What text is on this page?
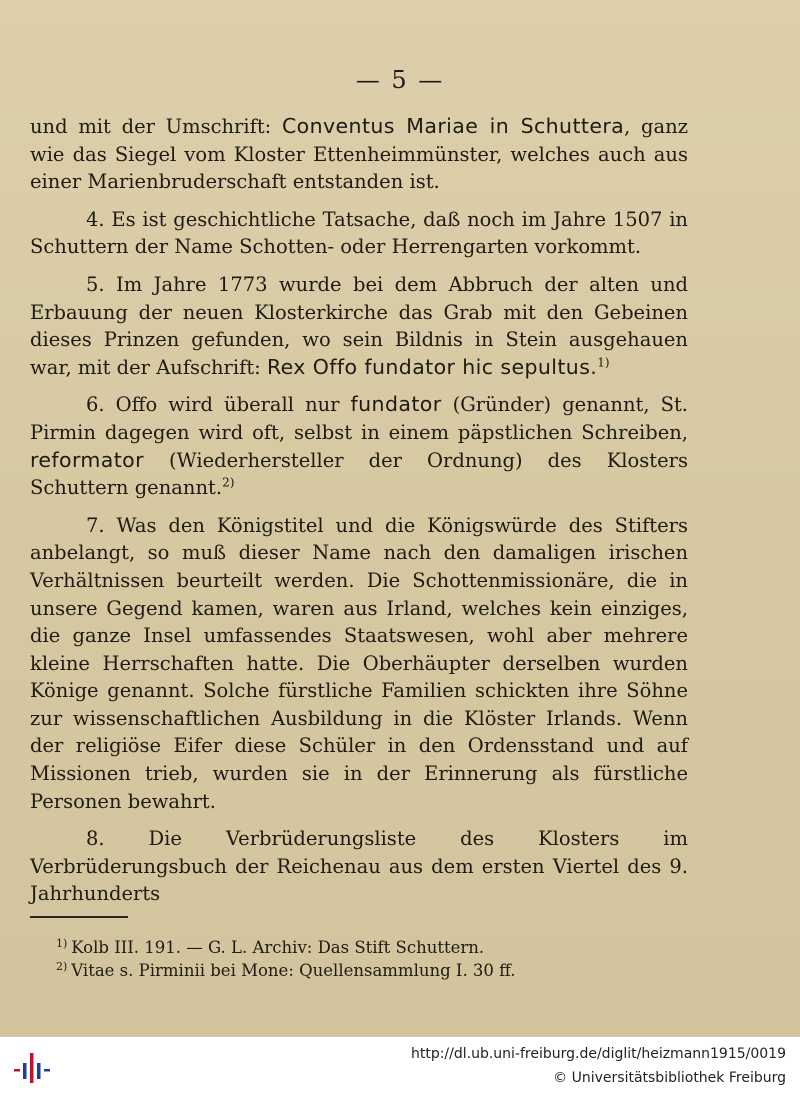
— 5 —

und mit der Umschrift: Conventus Mariae in Schuttera, ganz wie das Siegel vom Kloster Ettenheimmünster, welches auch aus einer Marienbruderschaft entstanden ist.

4. Es ist geschichtliche Tatsache, daß noch im Jahre 1507 in Schuttern der Name Schotten- oder Herrengarten vorkommt.

5. Im Jahre 1773 wurde bei dem Abbruch der alten und Erbauung der neuen Klosterkirche das Grab mit den Gebeinen dieses Prinzen gefunden, wo sein Bildnis in Stein ausgehauen war, mit der Aufschrift: Rex Offo fundator hic sepultus.$^{1)}$

6. Offo wird überall nur fundator (Gründer) genannt, St. Pirmin dagegen wird oft, selbst in einem päpstlichen Schreiben, reformator (Wiederhersteller der Ordnung) des Klosters Schuttern genannt.$^{2)}$

7. Was den Königstitel und die Königswürde des Stifters anbelangt, so muß dieser Name nach den damaligen irischen Verhältnissen beurteilt werden. Die Schottenmissionäre, die in unsere Gegend kamen, waren aus Irland, welches kein einziges, die ganze Insel umfassendes Staatswesen, wohl aber mehrere kleine Herrschaften hatte. Die Oberhäupter derselben wurden Könige genannt. Solche fürstliche Familien schickten ihre Söhne zur wissenschaftlichen Ausbildung in die Klöster Irlands. Wenn der religiöse Eifer diese Schüler in den Ordensstand und auf Missionen trieb, wurden sie in der Erinnerung als fürstliche Personen bewahrt.

8. Die Verbrüderungsliste des Klosters im Verbrüderungsbuch der Reichenau aus dem ersten Viertel des 9. Jahrhunderts

$^{1)}$ Kolb III. 191. — G. L. Archiv: Das Stift Schuttern.

$^{2)}$ Vitae s. Pirminii bei Mone: Quellensammlung I. 30 ff.

http://dl.ub.uni-freiburg.de/diglit/heizmann1915/0019
© Universitätsbibliothek Freiburg
